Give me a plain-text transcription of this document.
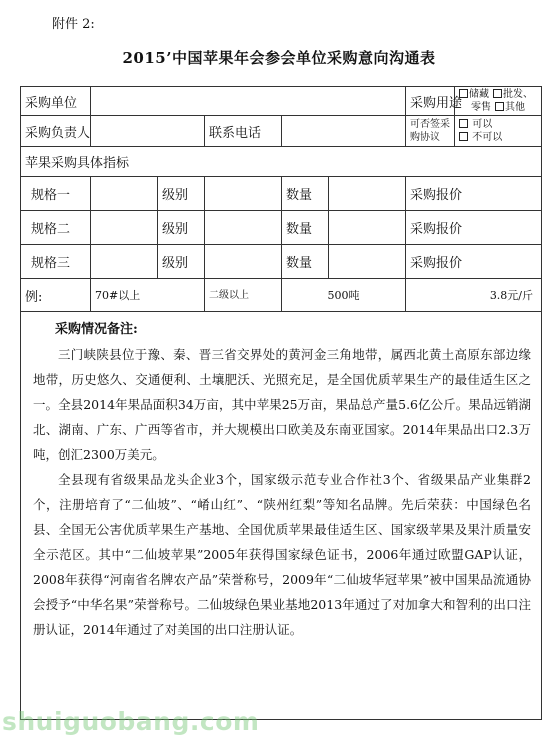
附件 2:
2015’中国苹果年会参会单位采购意向沟通表
采购单位						采购用途	储藏 批发、
零售 其他
采购负责人			联系电话			可否签采购协议	可以
不可以
苹果采购具体指标							
规格一		级别		数量		采购报价	
规格二		级别		数量		采购报价	
规格三		级别		数量		采购报价	
例:	70#以上		二级以上	500吨		3.8元/斤	

采购情况备注:

三门峡陕县位于豫、秦、晋三省交界处的黄河金三角地带，属西北黄土高原东部边缘地带，历史悠久、交通便利、土壤肥沃、光照充足，是全国优质苹果生产的最佳适生区之一。全县2014年果品面积34万亩，其中苹果25万亩，果品总产量5.6亿公斤。果品远销湖北、湖南、广东、广西等省市，并大规模出口欧美及东南亚国家。2014年果品出口2.3万吨，创汇2300万美元。

全县现有省级果品龙头企业3个，国家级示范专业合作社3个、省级果品产业集群2个，注册培育了“二仙坡”、“崤山红”、“陕州红梨”等知名品牌。先后荣获：中国绿色名县、全国无公害优质苹果生产基地、全国优质苹果最佳适生区、国家级苹果及果汁质量安全示范区。其中“二仙坡苹果”2005年获得国家绿色证书，2006年通过欧盟GAP认证，2008年获得“河南省名牌农产品”荣誉称号，2009年“二仙坡华冠苹果”被中国果品流通协会授予“中华名果”荣誉称号。二仙坡绿色果业基地2013年通过了对加拿大和智利的出口注册认证，2014年通过了对美国的出口注册认证。							

shuiguobang.com
